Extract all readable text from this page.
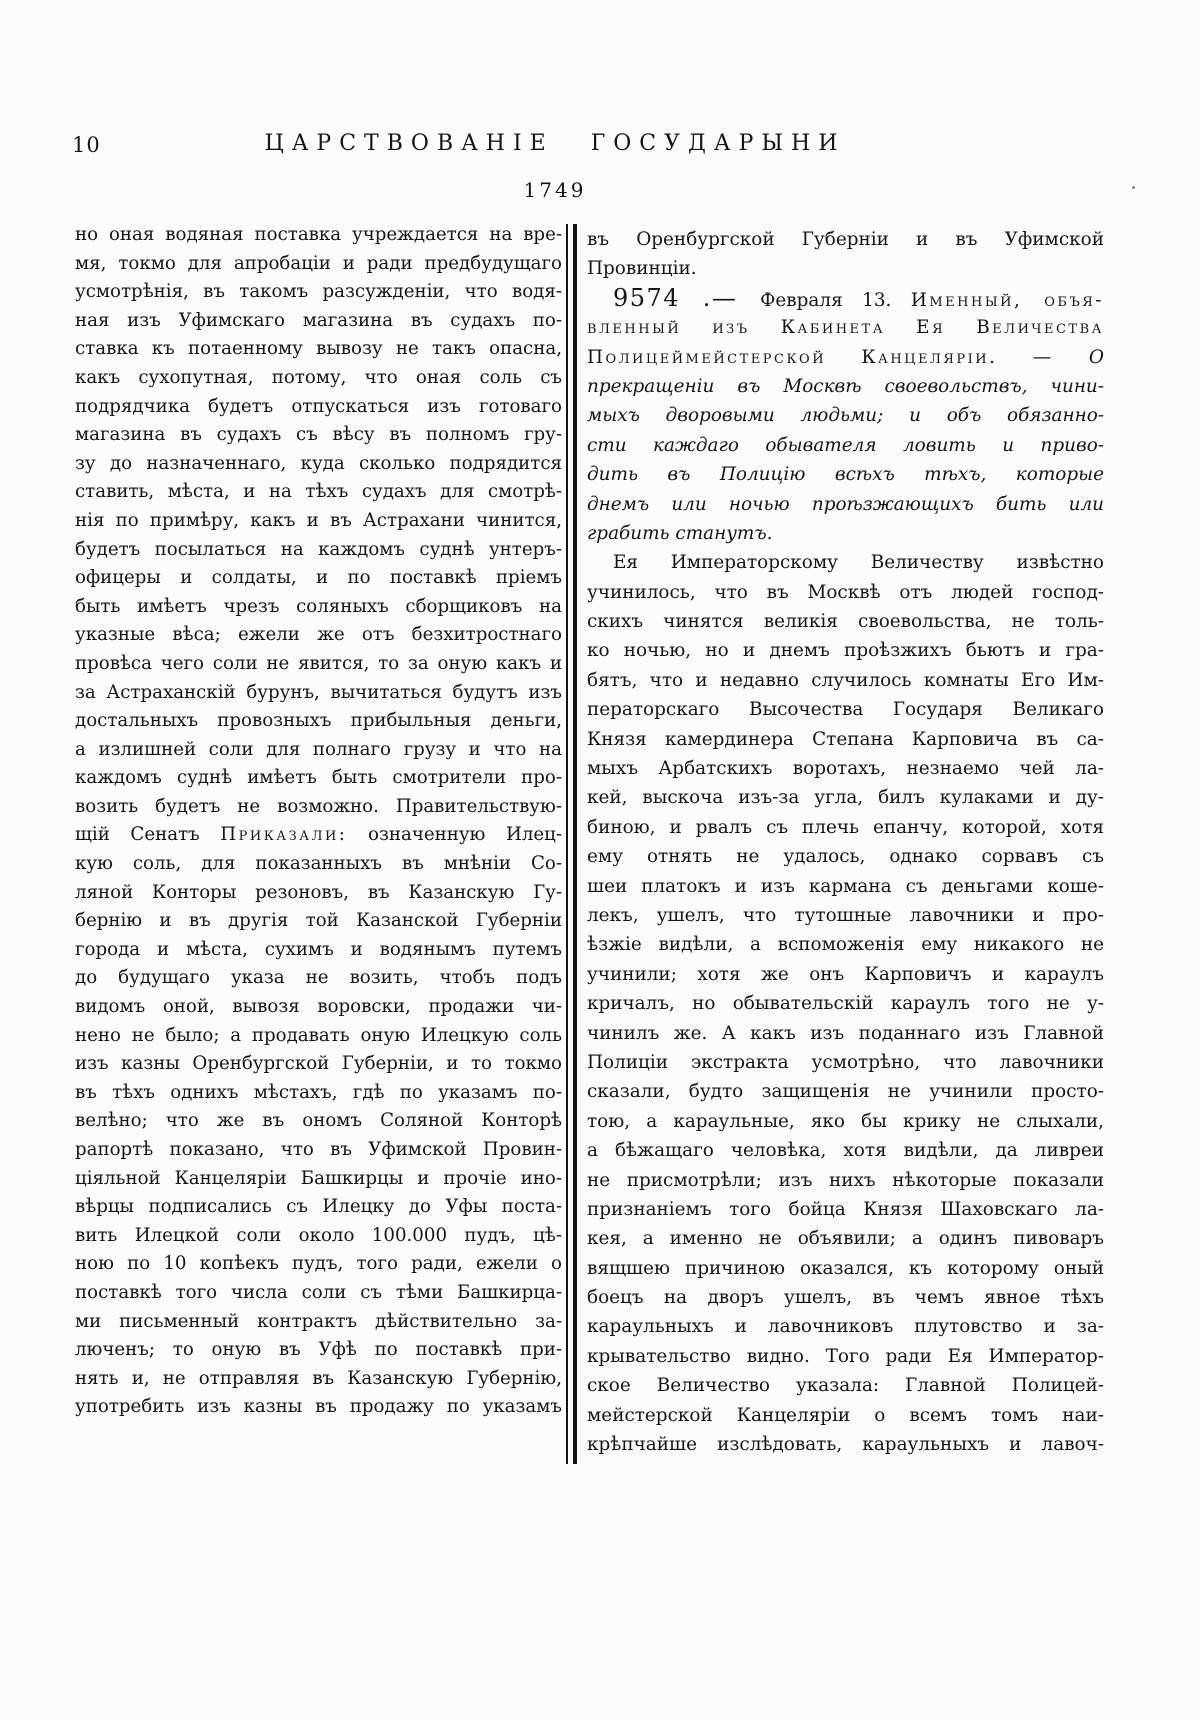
10	ЦАРСТВОВАНІЕ ГОСУДАРЫНИ
1749
но оная водяная поставка учреждается на вре-
мя, токмо для апробаціи и ради предбудущаго
усмотрѣнія, въ такомъ разсужденіи, что водя-
ная изъ Уфимскаго магазина въ судахъ по-
ставка къ потаенному вывозу не такъ опасна,
какъ сухопутная, потому, что оная соль съ
подрядчика будетъ отпускаться изъ готоваго
магазина въ судахъ съ вѣсу въ полномъ гру-
зу до назначеннаго, куда сколько подрядится
ставить, мѣста, и на тѣхъ судахъ для смотрѣ-
нія по примѣру, какъ и въ Астрахани чинится,
будетъ посылаться на каждомъ суднѣ унтеръ-
офицеры и солдаты, и по поставкѣ пріемъ
быть имѣетъ чрезъ соляныхъ сборщиковъ на
указные вѣса; ежели же отъ безхитростнаго
провѣса чего соли не явится, то за оную какъ и
за Астраханскій бурунъ, вычитаться будутъ изъ
достальныхъ провозныхъ прибыльныя деньги,
а излишней соли для полнаго грузу и что на
каждомъ суднѣ имѣетъ быть смотрители про-
возить будетъ не возможно. Правительствую-
щій Сенатъ Приказали: означенную Илец-
кую соль, для показанныхъ въ мнѣніи Со-
ляной Конторы резоновъ, въ Казанскую Гу-
бернію и въ другія той Казанской Губерніи
города и мѣста, сухимъ и водянымъ путемъ
до будущаго указа не возить, чтобъ подъ
видомъ оной, вывозя воровски, продажи чи-
нено не было; а продавать оную Илецкую соль
изъ казны Оренбургской Губерніи, и то токмо
въ тѣхъ однихъ мѣстахъ, гдѣ по указамъ по-
велѣно; что же въ ономъ Соляной Конторѣ
рапортѣ показано, что въ Уфимской Провин-
ціяльной Канцеляріи Башкирцы и прочіе ино-
вѣрцы подписались съ Илецку до Уфы поста-
вить Илецкой соли около 100.000 пудъ, цѣ-
ною по 10 копѣекъ пудъ, того ради, ежели о
поставкѣ того числа соли съ тѣми Башкирца-
ми письменный контрактъ дѣйствительно за-
люченъ; то оную въ Уфѣ по поставкѣ при-
нять и, не отправляя въ Казанскую Губернію,
употребить изъ казны въ продажу по указамъ
въ Оренбургской Губерніи и въ Уфимской
Провинціи.
9574 .— Февраля 13. Именный, объя-
вленный изъ Кабинета Ея Величества
Полицеймейстерской Канцеляріи. — О
прекращеніи въ Москвѣ своевольствъ, чини-
мыхъ дворовыми людьми; и объ обязанно-
сти каждаго обывателя ловить и приво-
дить въ Полицію всѣхъ тѣхъ, которые
днемъ или ночью проѣзжающихъ бить или
грабить станутъ.
Ея Императорскому Величеству извѣстно
учинилось, что въ Москвѣ отъ людей господ-
скихъ чинятся великія своевольства, не толь-
ко ночью, но и днемъ проѣзжихъ бьютъ и гра-
бятъ, что и недавно случилось комнаты Его Им-
ператорскаго Высочества Государя Великаго
Князя камердинера Степана Карповича въ са-
мыхъ Арбатскихъ воротахъ, незнаемо чей ла-
кей, выскоча изъ-за угла, билъ кулаками и ду-
биною, и рвалъ съ плечь епанчу, которой, хотя
ему отнять не удалось, однако сорвавъ съ
шеи платокъ и изъ кармана съ деньгами коше-
лекъ, ушелъ, что тутошные лавочники и про-
ѣзжіе видѣли, а вспоможенія ему никакого не
учинили; хотя же онъ Карповичъ и караулъ
кричалъ, но обывательскій караулъ того не у-
чинилъ же. А какъ изъ поданнаго изъ Главной
Полиціи экстракта усмотрѣно, что лавочники
сказали, будто защищенія не учинили просто-
тою, а караульные, яко бы крику не слыхали,
а бѣжащаго человѣка, хотя видѣли, да ливреи
не присмотрѣли; изъ нихъ нѣкоторые показали
признаніемъ того бойца Князя Шаховскаго ла-
кея, а именно не объявили; а одинъ пивоваръ
вящшею причиною оказался, къ которому оный
боецъ на дворъ ушелъ, въ чемъ явное тѣхъ
караульныхъ и лавочниковъ плутовство и за-
крывательство видно. Того ради Ея Император-
ское Величество указала: Главной Полицей-
мейстерской Канцеляріи о всемъ томъ наи-
крѣпчайше изслѣдовать, караульныхъ и лавоч-
